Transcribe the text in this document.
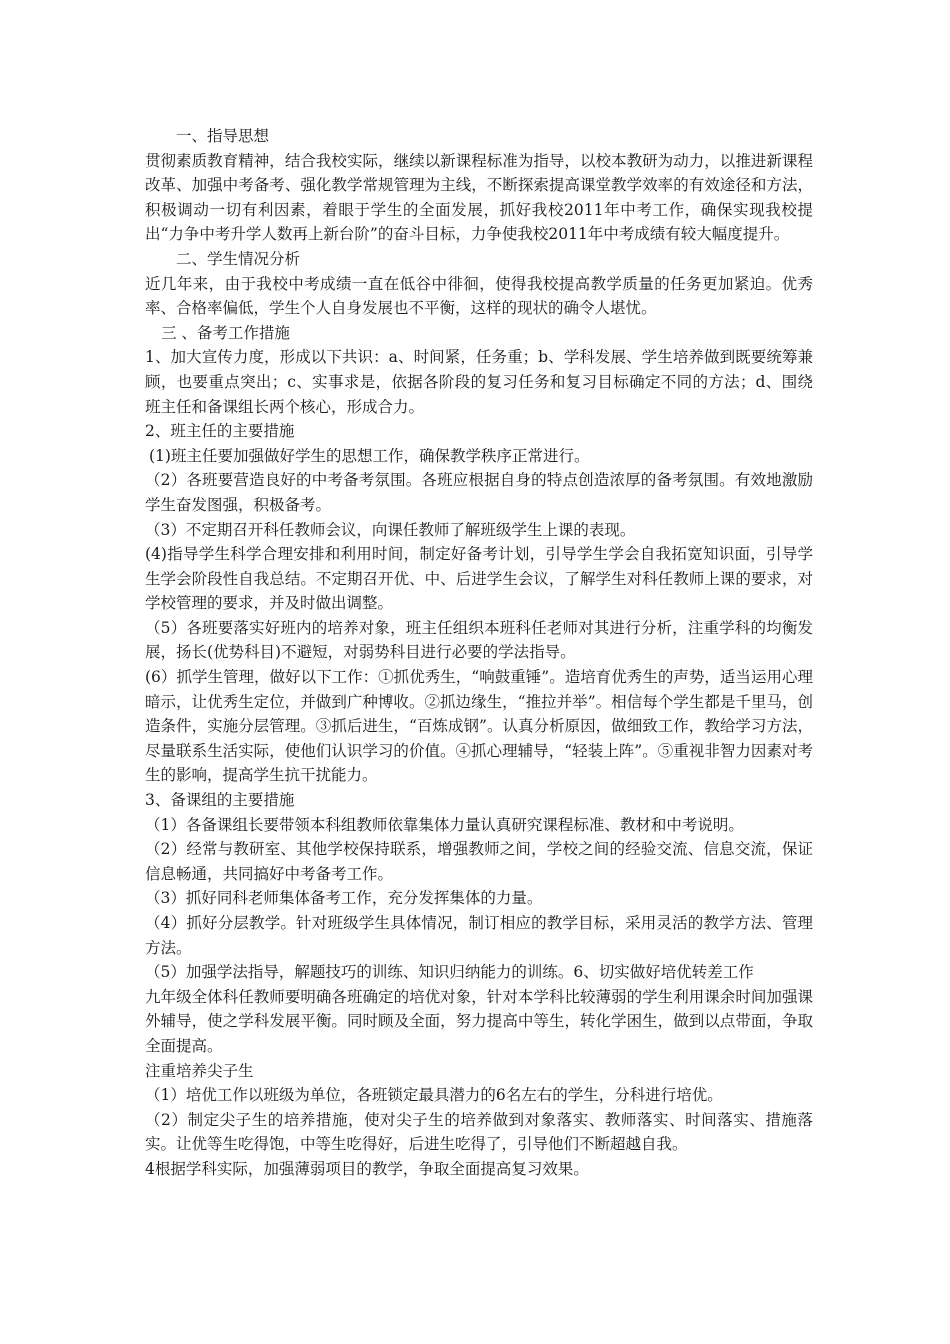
一、指导思想

贯彻素质教育精神，结合我校实际，继续以新课程标准为指导，以校本教研为动力，以推进新课程改革、加强中考备考、强化教学常规管理为主线，不断探索提高课堂教学效率的有效途径和方法，积极调动一切有利因素，着眼于学生的全面发展，抓好我校2011年中考工作，确保实现我校提出“力争中考升学人数再上新台阶”的奋斗目标，力争使我校2011年中考成绩有较大幅度提升。

二、学生情况分析

近几年来，由于我校中考成绩一直在低谷中徘徊，使得我校提高教学质量的任务更加紧迫。优秀率、合格率偏低，学生个人自身发展也不平衡，这样的现状的确令人堪忧。

三 、备考工作措施

1、加大宣传力度，形成以下共识：a、时间紧，任务重；b、学科发展、学生培养做到既要统筹兼顾，也要重点突出；c、实事求是，依据各阶段的复习任务和复习目标确定不同的方法；d、围绕班主任和备课组长两个核心，形成合力。

2、班主任的主要措施

(1)班主任要加强做好学生的思想工作，确保教学秩序正常进行。

（2）各班要营造良好的中考备考氛围。各班应根据自身的特点创造浓厚的备考氛围。有效地激励学生奋发图强，积极备考。

（3）不定期召开科任教师会议，向课任教师了解班级学生上课的表现。

(4)指导学生科学合理安排和利用时间，制定好备考计划，引导学生学会自我拓宽知识面，引导学生学会阶段性自我总结。不定期召开优、中、后进学生会议，了解学生对科任教师上课的要求，对学校管理的要求，并及时做出调整。

（5）各班要落实好班内的培养对象，班主任组织本班科任老师对其进行分析，注重学科的均衡发展，扬长(优势科目)不避短，对弱势科目进行必要的学法指导。

(6）抓学生管理，做好以下工作：①抓优秀生，“响鼓重锤”。造培育优秀生的声势，适当运用心理暗示，让优秀生定位，并做到广种博收。②抓边缘生，“推拉并举”。相信每个学生都是千里马，创造条件，实施分层管理。③抓后进生，“百炼成钢”。认真分析原因，做细致工作，教给学习方法，尽量联系生活实际，使他们认识学习的价值。④抓心理辅导，“轻装上阵”。⑤重视非智力因素对考生的影响，提高学生抗干扰能力。

3、备课组的主要措施

（1）各备课组长要带领本科组教师依靠集体力量认真研究课程标准、教材和中考说明。

（2）经常与教研室、其他学校保持联系，增强教师之间，学校之间的经验交流、信息交流，保证信息畅通，共同搞好中考备考工作。

（3）抓好同科老师集体备考工作，充分发挥集体的力量。

（4）抓好分层教学。针对班级学生具体情况，制订相应的教学目标，采用灵活的教学方法、管理方法。

（5）加强学法指导，解题技巧的训练、知识归纳能力的训练。6、切实做好培优转差工作

九年级全体科任教师要明确各班确定的培优对象，针对本学科比较薄弱的学生利用课余时间加强课外辅导，使之学科发展平衡。同时顾及全面，努力提高中等生，转化学困生，做到以点带面，争取全面提高。

注重培养尖子生

（1）培优工作以班级为单位，各班锁定最具潜力的6名左右的学生，分科进行培优。

（2）制定尖子生的培养措施，使对尖子生的培养做到对象落实、教师落实、时间落实、措施落实。让优等生吃得饱，中等生吃得好，后进生吃得了，引导他们不断超越自我。

4根据学科实际，加强薄弱项目的教学，争取全面提高复习效果。
